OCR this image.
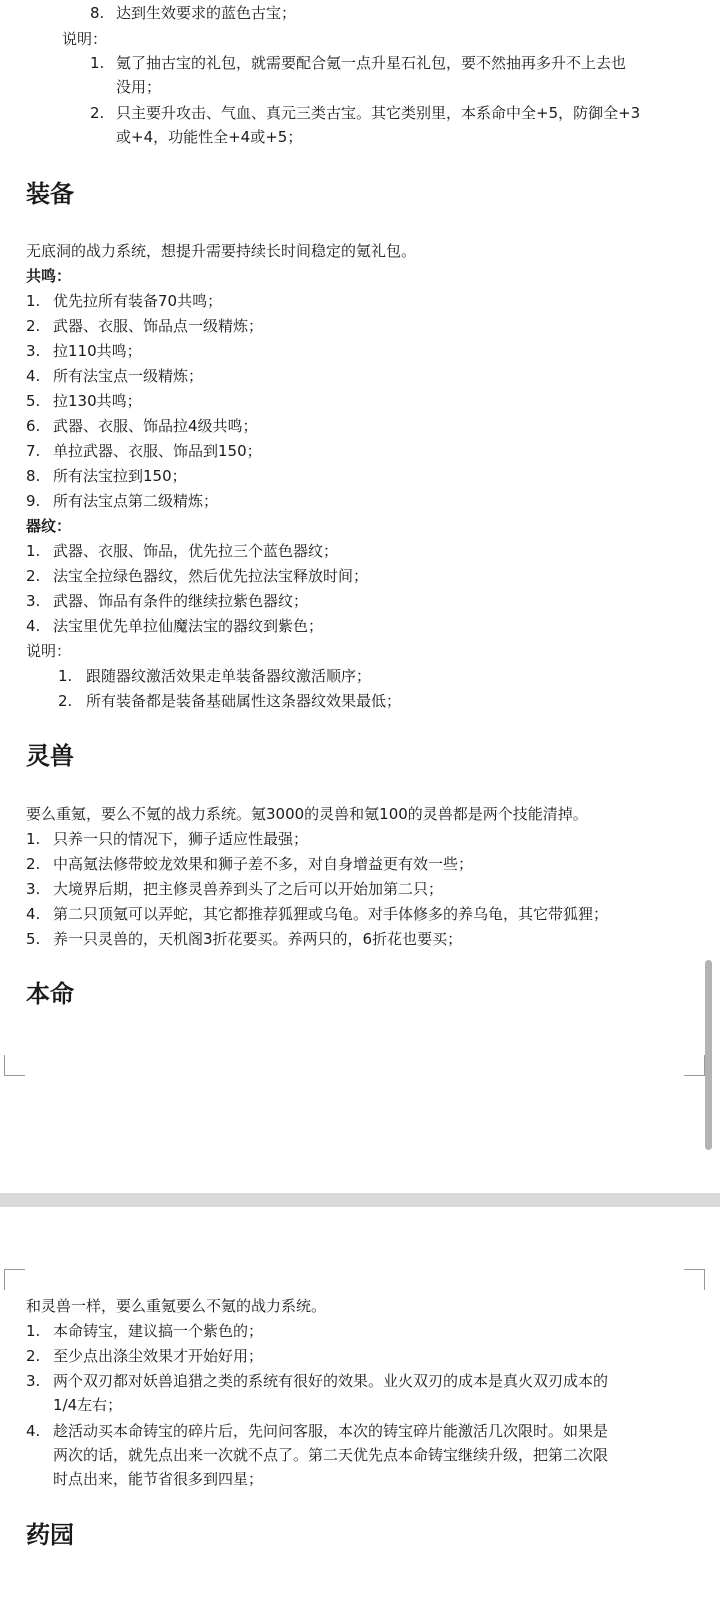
8. 达到生效要求的蓝色古宝；
说明：
1. 氪了抽古宝的礼包，就需要配合氪一点升星石礼包，要不然抽再多升不上去也
没用；
2. 只主要升攻击、气血、真元三类古宝。其它类别里，本系命中全+5，防御全+3
或+4，功能性全+4或+5；
装备
无底洞的战力系统，想提升需要持续长时间稳定的氪礼包。
共鸣：
1. 优先拉所有装备70共鸣；
2. 武器、衣服、饰品点一级精炼；
3. 拉110共鸣；
4. 所有法宝点一级精炼；
5. 拉130共鸣；
6. 武器、衣服、饰品拉4级共鸣；
7. 单拉武器、衣服、饰品到150；
8. 所有法宝拉到150；
9. 所有法宝点第二级精炼；
器纹：
1. 武器、衣服、饰品，优先拉三个蓝色器纹；
2. 法宝全拉绿色器纹，然后优先拉法宝释放时间；
3. 武器、饰品有条件的继续拉紫色器纹；
4. 法宝里优先单拉仙魔法宝的器纹到紫色；
说明：
1. 跟随器纹激活效果走单装备器纹激活顺序；
2. 所有装备都是装备基础属性这条器纹效果最低；
灵兽
要么重氪，要么不氪的战力系统。氪3000的灵兽和氪100的灵兽都是两个技能清掉。
1. 只养一只的情况下，狮子适应性最强；
2. 中高氪法修带蛟龙效果和狮子差不多，对自身增益更有效一些；
3. 大境界后期，把主修灵兽养到头了之后可以开始加第二只；
4. 第二只顶氪可以弄蛇，其它都推荐狐狸或乌龟。对手体修多的养乌龟，其它带狐狸；
5. 养一只灵兽的，天机阁3折花要买。养两只的，6折花也要买；
本命
和灵兽一样，要么重氪要么不氪的战力系统。
1. 本命铸宝，建议搞一个紫色的；
2. 至少点出涤尘效果才开始好用；
3. 两个双刃都对妖兽追猎之类的系统有很好的效果。业火双刃的成本是真火双刃成本的
1/4左右；
4. 趁活动买本命铸宝的碎片后，先问问客服，本次的铸宝碎片能激活几次限时。如果是
两次的话，就先点出来一次就不点了。第二天优先点本命铸宝继续升级，把第二次限
时点出来，能节省很多到四星；
药园
